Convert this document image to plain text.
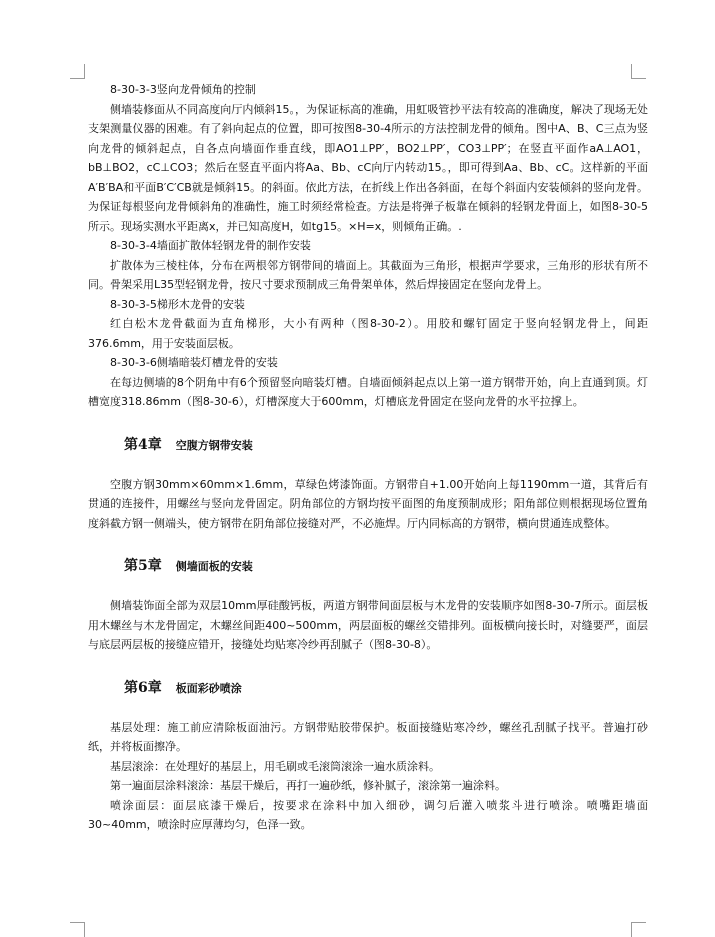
8-30-3-3竖向龙骨倾角的控制
侧墙装修面从不同高度向厅内倾斜15。，为保证标高的准确，用虹吸管抄平法有较高的准确度，解决了现场无处支架测量仪器的困难。有了斜向起点的位置，即可按图8-30-4所示的方法控制龙骨的倾角。图中A、B、C三点为竖向龙骨的倾斜起点，自各点向墙面作垂直线，即AO1⊥PP′，BO2⊥PP′，CO3⊥PP′；在竖直平面作aA⊥AO1，bB⊥BO2，cC⊥CO3；然后在竖直平面内将Aa、Bb、cC向厅内转动15。，即可得到Aa、Bb、cC。这样新的平面A′B′BA和平面B′C′CB就是倾斜15。的斜面。依此方法，在折线上作出各斜面，在每个斜面内安装倾斜的竖向龙骨。为保证每根竖向龙骨倾斜角的准确性，施工时须经常检查。方法是将弹子板靠在倾斜的轻钢龙骨面上，如图8-30-5所示。现场实测水平距离x，并已知高度H，如tg15。×H=x，则倾角正确。.
8-30-3-4墙面扩散体轻钢龙骨的制作安装
扩散体为三棱柱体，分布在两根邻方钢带间的墙面上。其截面为三角形，根据声学要求，三角形的形状有所不同。骨架采用L35型轻钢龙骨，按尺寸要求预制成三角骨架单体，然后焊接固定在竖向龙骨上。
8-30-3-5梯形木龙骨的安装
红白松木龙骨截面为直角梯形，大小有两种（图8-30-2）。用胶和螺钉固定于竖向轻钢龙骨上，间距376.6mm，用于安装面层板。
8-30-3-6侧墙暗装灯槽龙骨的安装
在每边侧墙的8个阴角中有6个预留竖向暗装灯槽。自墙面倾斜起点以上第一道方钢带开始，向上直通到顶。灯槽宽度318.86mm（图8-30-6），灯槽深度大于600mm，灯槽底龙骨固定在竖向龙骨的水平拉撑上。
第4章 空腹方钢带安装
空腹方钢30mm×60mm×1.6mm，草绿色烤漆饰面。方钢带自+1.00开始向上每1190mm一道，其背后有贯通的连接件，用螺丝与竖向龙骨固定。阴角部位的方钢均按平面图的角度预制成形；阳角部位则根据现场位置角度斜截方钢一侧端头，使方钢带在阴角部位接缝对严，不必施焊。厅内同标高的方钢带，横向贯通连成整体。
第5章 侧墙面板的安装
侧墙装饰面全部为双层10mm厚硅酸钙板，两道方钢带间面层板与木龙骨的安装顺序如图8-30-7所示。面层板用木螺丝与木龙骨固定，木螺丝间距400~500mm，两层面板的螺丝交错排列。面板横向接长时，对缝要严，面层与底层两层板的接缝应错开，接缝处均贴寒冷纱再刮腻子（图8-30-8）。
第6章 板面彩砂喷涂
基层处理：施工前应清除板面油污。方钢带贴胶带保护。板面接缝贴寒冷纱，螺丝孔刮腻子找平。普遍打砂纸，并将板面擦净。
基层滚涂：在处理好的基层上，用毛刷或毛滚筒滚涂一遍水质涂料。
第一遍面层涂料滚涂：基层干燥后，再打一遍砂纸，修补腻子，滚涂第一遍涂料。
喷涂面层：面层底漆干燥后，按要求在涂料中加入细砂，调匀后灌入喷浆斗进行喷涂。喷嘴距墙面30~40mm，喷涂时应厚薄均匀，色泽一致。
